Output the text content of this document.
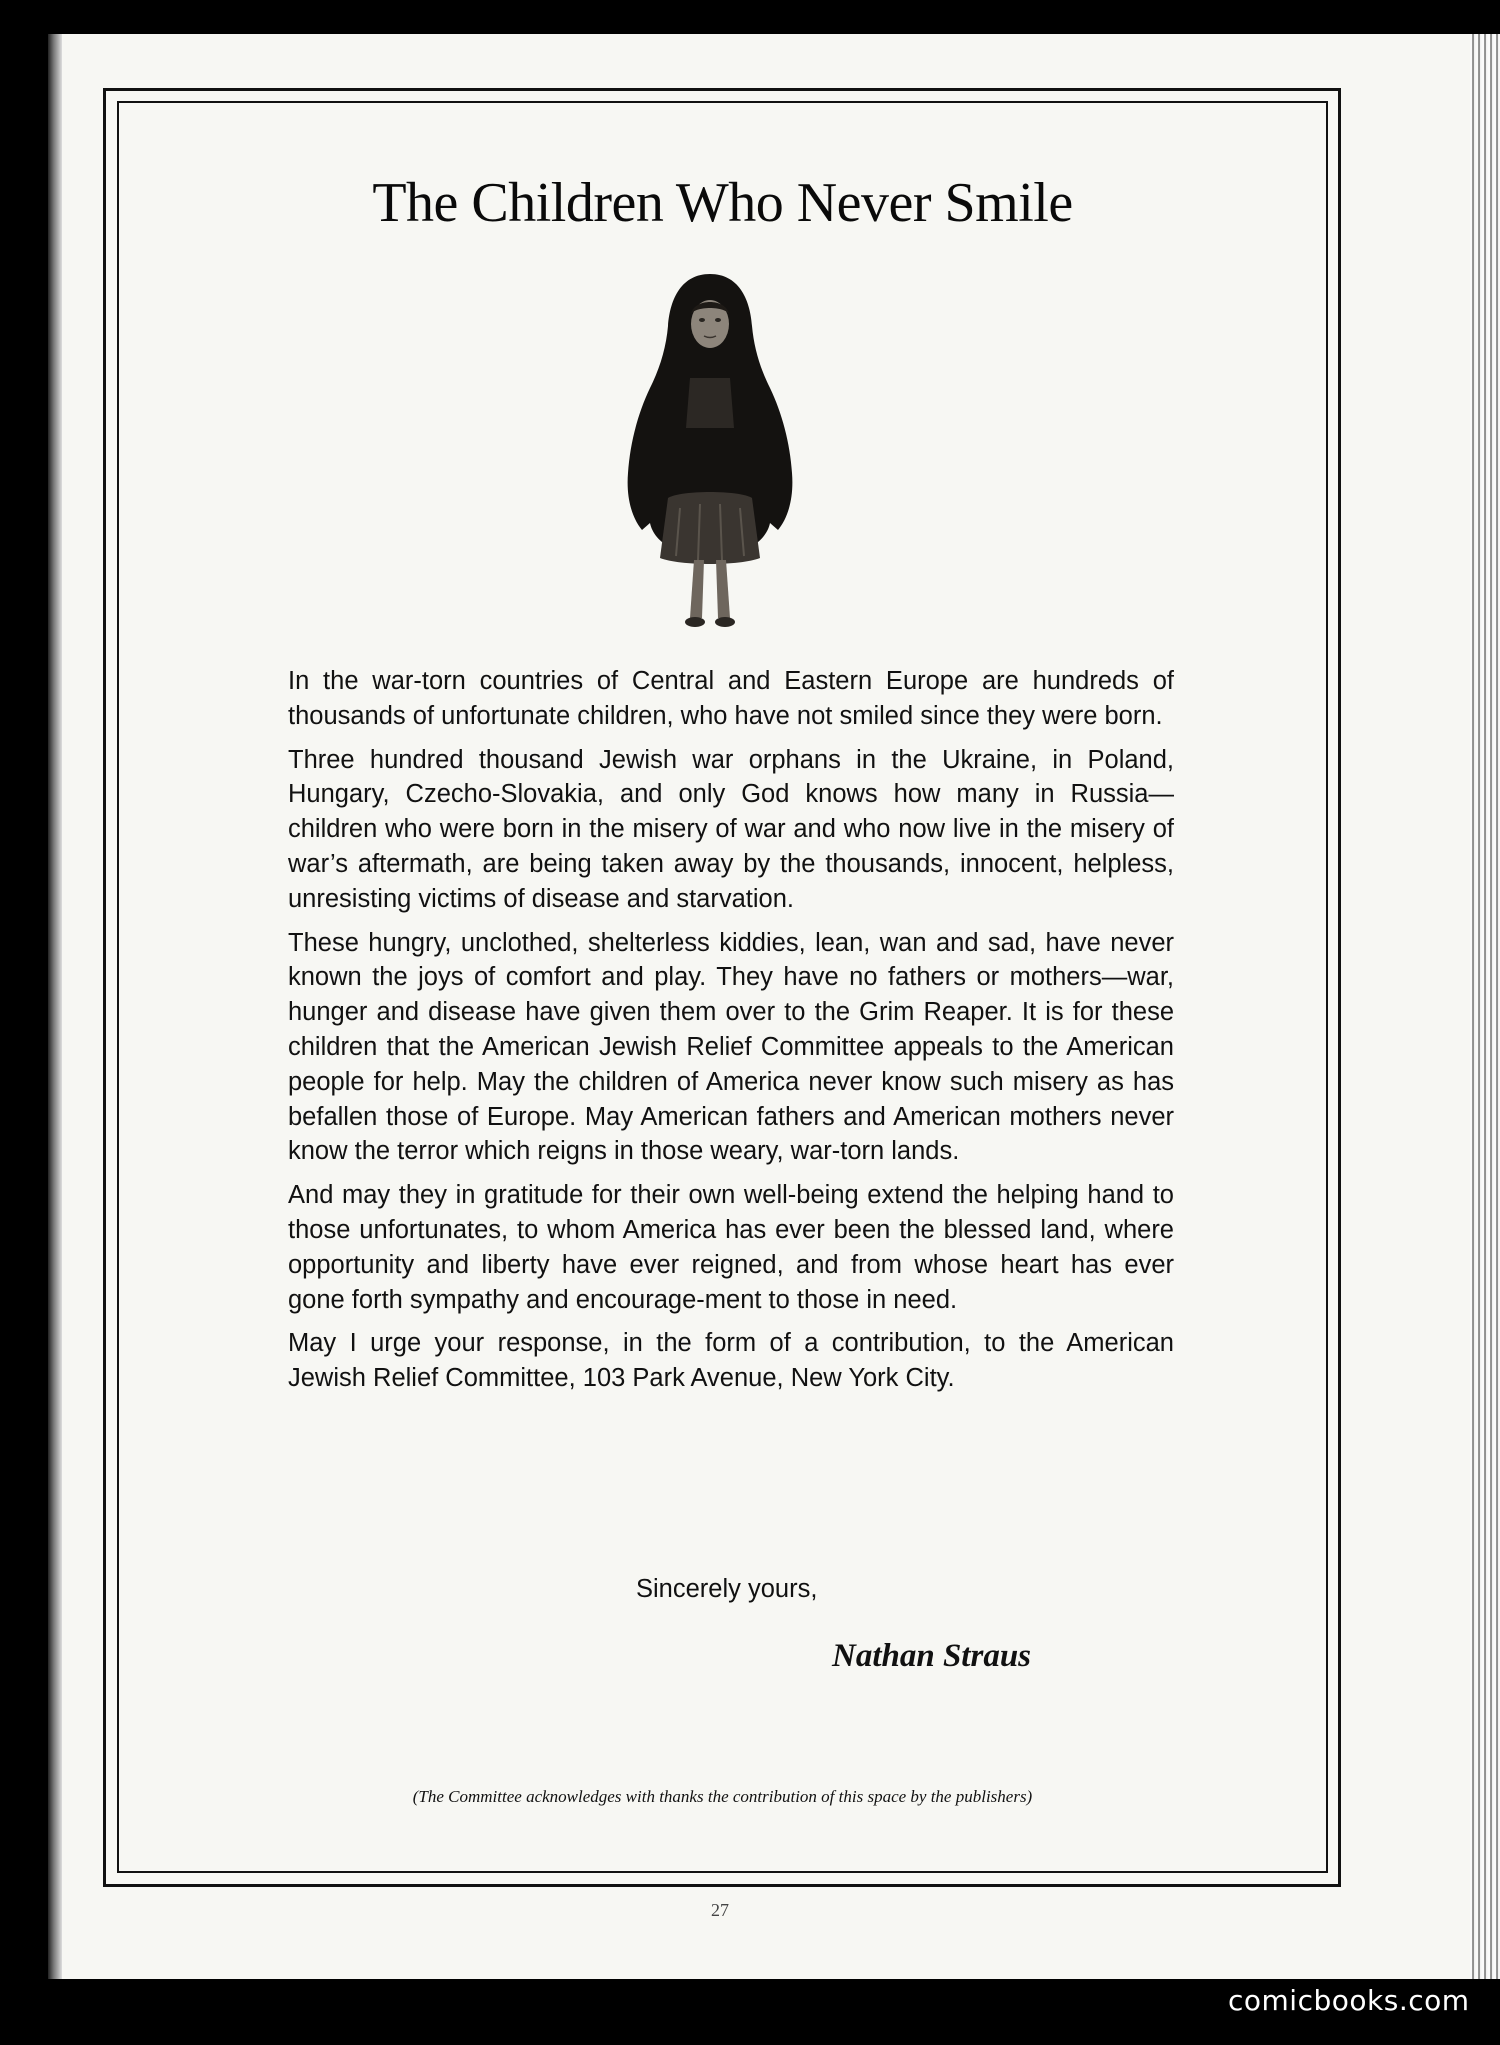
The Children Who Never Smile

In the war-torn countries of Central and Eastern Europe are hundreds of thousands of unfortunate children, who have not smiled since they were born.

Three hundred thousand Jewish war orphans in the Ukraine, in Poland, Hungary, Czecho-Slovakia, and only God knows how many in Russia—children who were born in the misery of war and who now live in the misery of war’s aftermath, are being taken away by the thousands, innocent, helpless, unresisting victims of disease and starvation.

These hungry, unclothed, shelterless kiddies, lean, wan and sad, have never known the joys of comfort and play. They have no fathers or mothers—war, hunger and disease have given them over to the Grim Reaper. It is for these children that the American Jewish Relief Committee appeals to the American people for help. May the children of America never know such misery as has befallen those of Europe. May American fathers and American mothers never know the terror which reigns in those weary, war-torn lands.

And may they in gratitude for their own well-being extend the helping hand to those unfortunates, to whom America has ever been the blessed land, where opportunity and liberty have ever reigned, and from whose heart has ever gone forth sympathy and encourage-ment to those in need.

May I urge your response, in the form of a contribution, to the American Jewish Relief Committee, 103 Park Avenue, New York City.

Sincerely yours,
Nathan Straus
(The Committee acknowledges with thanks the contribution of this space by the publishers)
27
comicbooks.com
